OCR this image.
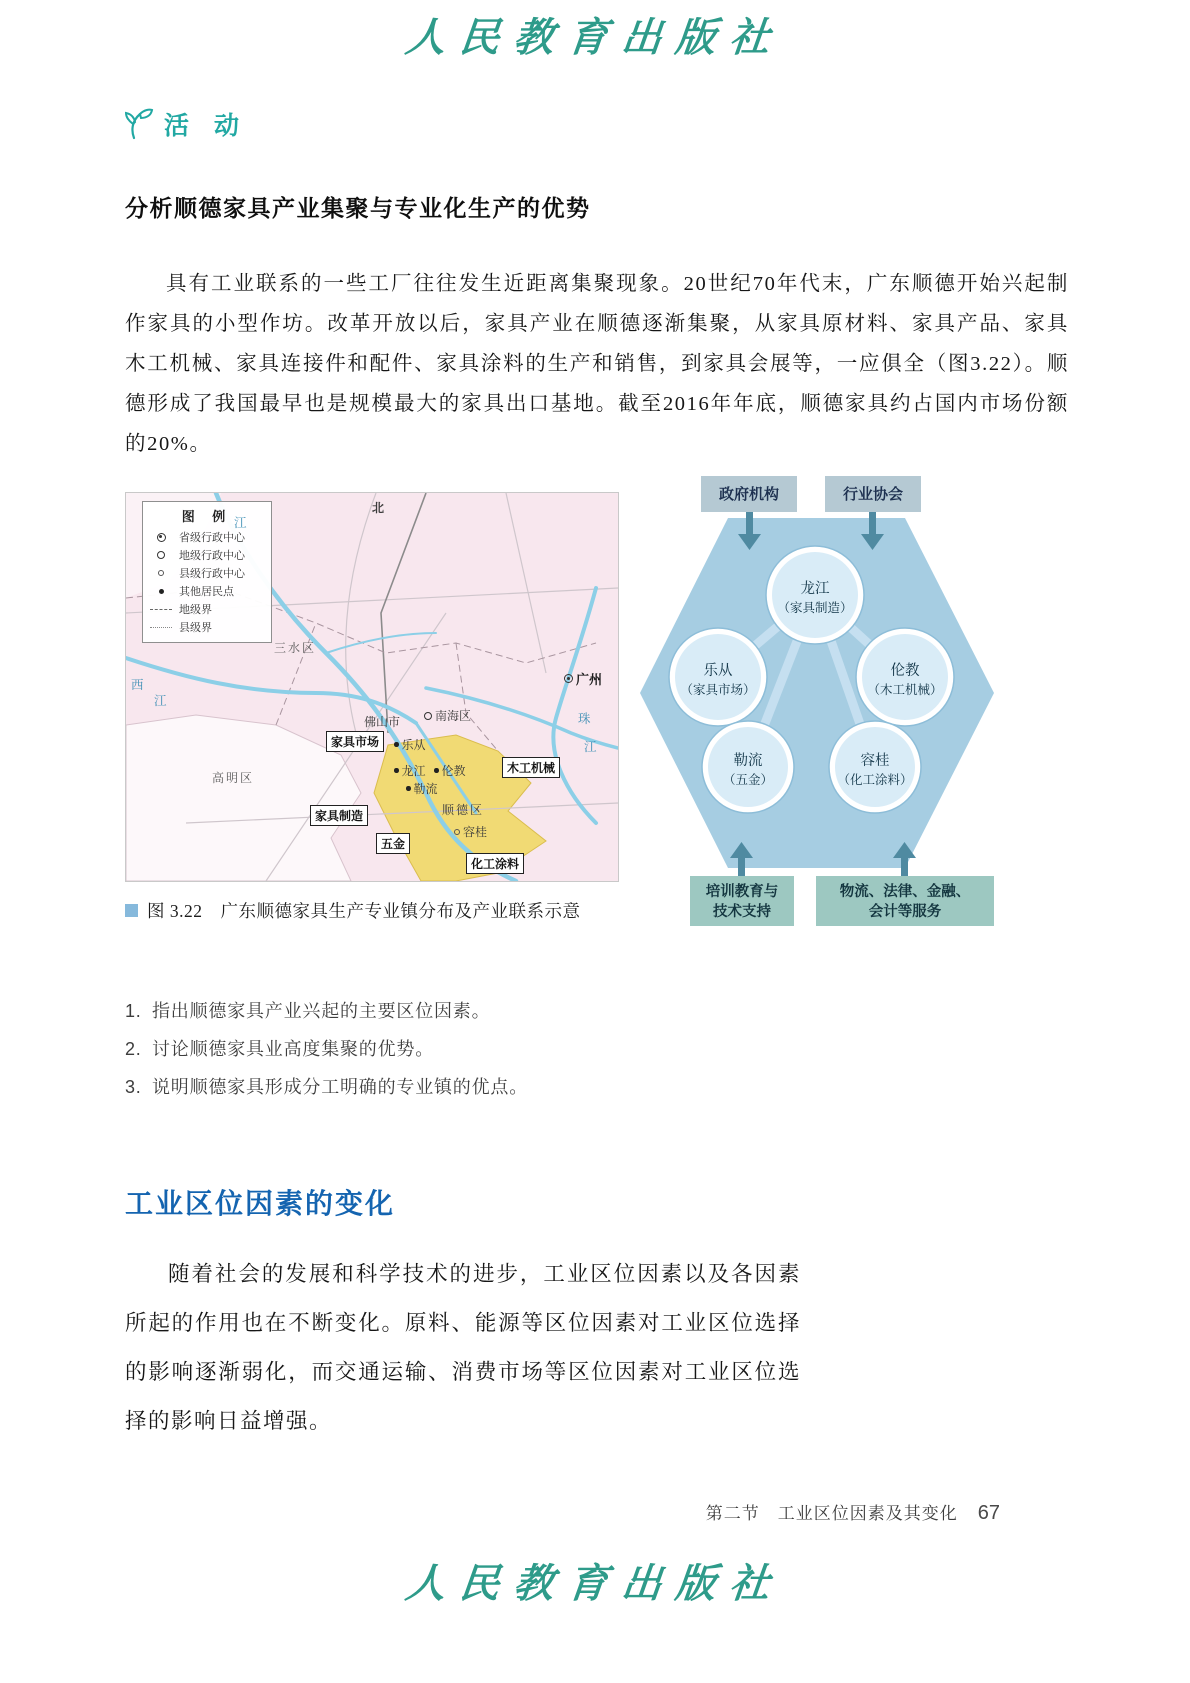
人民教育出版社
活 动
分析顺德家具产业集聚与专业化生产的优势

具有工业联系的一些工厂往往发生近距离集聚现象。20世纪70年代末，广东顺德开始兴起制作家具的小型作坊。改革开放以后，家具产业在顺德逐渐集聚，从家具原材料、家具产品、家具木工机械、家具连接件和配件、家具涂料的生产和销售，到家具会展等，一应俱全（图3.22）。顺德形成了我国最早也是规模最大的家具出口基地。截至2016年年底，顺德家具约占国内市场份额的20%。

图 例
省级行政中心
地级行政中心
县级行政中心
其他居民点
地级界
县级界
北
江
西
江
珠
江
广州
三水区
佛山市	南海区
高明区
顺德区
容桂
乐从
龙江 伦教
勒流
家具市场
木工机械
家具制造
五金
化工涂料
龙江
（家具制造）
乐从
（家具市场）
伦教
（木工机械）
勒流
（五金）
容桂
（化工涂料）
政府机构	行业协会
培训教育与
技术支持
物流、法律、金融、
会计等服务
图 3.22　广东顺德家具生产专业镇分布及产业联系示意
1. 指出顺德家具产业兴起的主要区位因素。
2. 讨论顺德家具业高度集聚的优势。
3. 说明顺德家具形成分工明确的专业镇的优点。
工业区位因素的变化

随着社会的发展和科学技术的进步，工业区位因素以及各因素所起的作用也在不断变化。原料、能源等区位因素对工业区位选择的影响逐渐弱化，而交通运输、消费市场等区位因素对工业区位选择的影响日益增强。

第二节　工业区位因素及其变化 67
人民教育出版社
